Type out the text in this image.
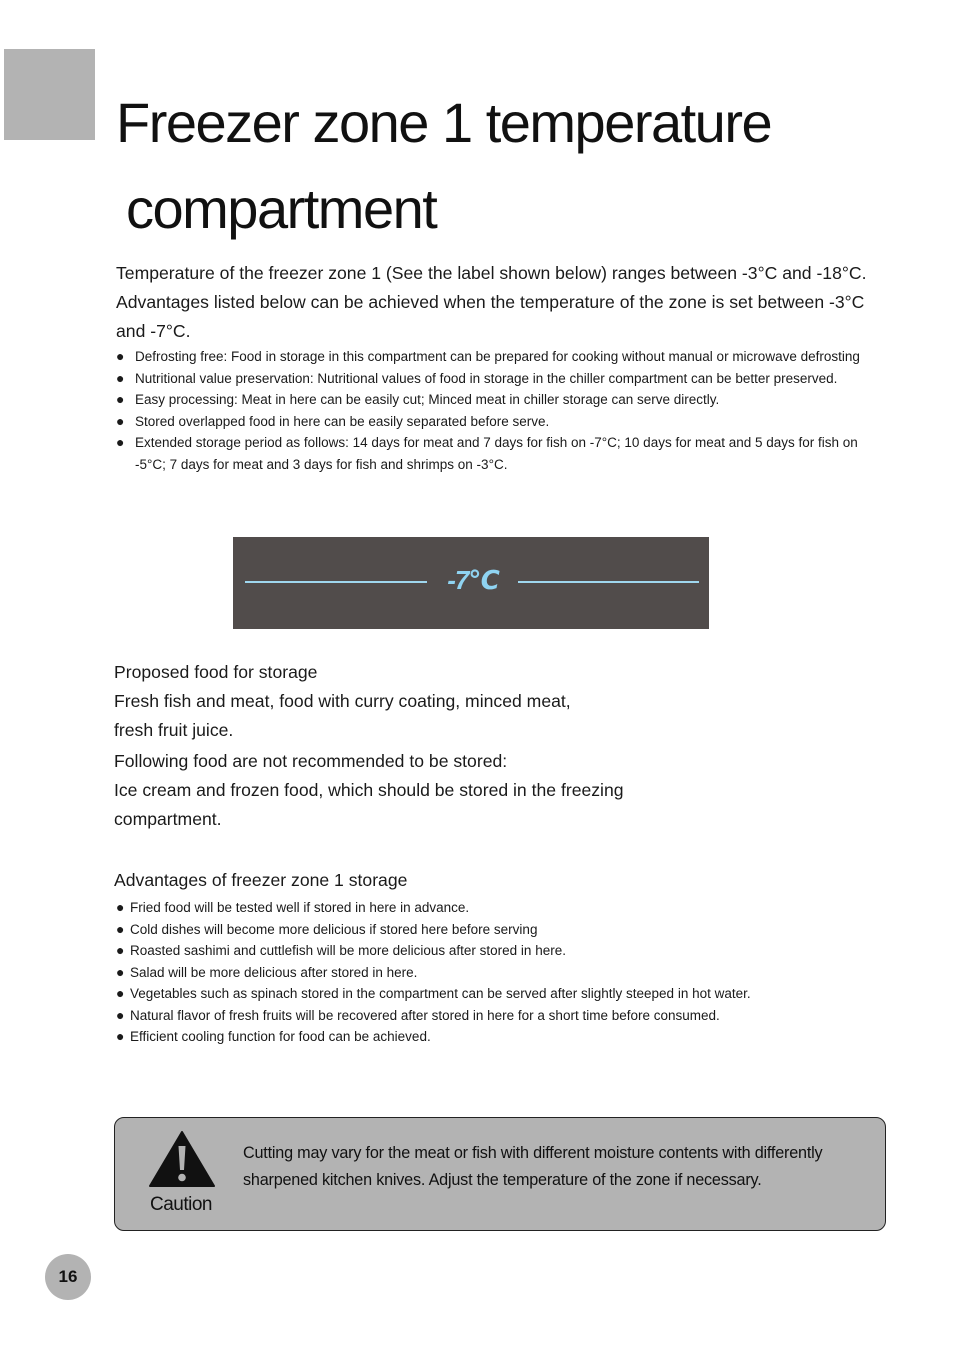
Freezer zone 1 temperature
compartment
Temperature of the freezer zone 1 (See the label shown below) ranges between -3°C and -18°C. Advantages listed below can be achieved when the temperature of the zone is set between -3°C and -7°C.
● Defrosting free: Food in storage in this compartment can be prepared for cooking without manual or microwave defrosting
● Nutritional value preservation: Nutritional values of food in storage in the chiller compartment can be better preserved.
● Easy processing: Meat in here can be easily cut; Minced meat in chiller storage can serve directly.
● Stored overlapped food in here can be easily separated before serve.
● Extended storage period as follows: 14 days for meat and 7 days for fish on -7°C; 10 days for meat and 5 days for fish on -5°C; 7 days for meat and 3 days for fish and shrimps on -3°C.
-7℃
Proposed food for storage
Fresh fish and meat, food with curry coating, minced meat,
fresh fruit juice.
Following food are not recommended to be stored:
Ice cream and frozen food, which should be stored in the freezing
compartment.
Advantages of freezer zone 1 storage
● Fried food will be tested well if stored in here in advance.
● Cold dishes will become more delicious if stored here before serving
● Roasted sashimi and cuttlefish will be more delicious after stored in here.
● Salad will be more delicious after stored in here.
● Vegetables such as spinach stored in the compartment can be served after slightly steeped in hot water.
● Natural flavor of fresh fruits will be recovered after stored in here for a short time before consumed.
● Efficient cooling function for food can be achieved.
Caution
Cutting may vary for the meat or fish with different moisture contents with differently sharpened kitchen knives. Adjust the temperature of the zone if necessary.
16
